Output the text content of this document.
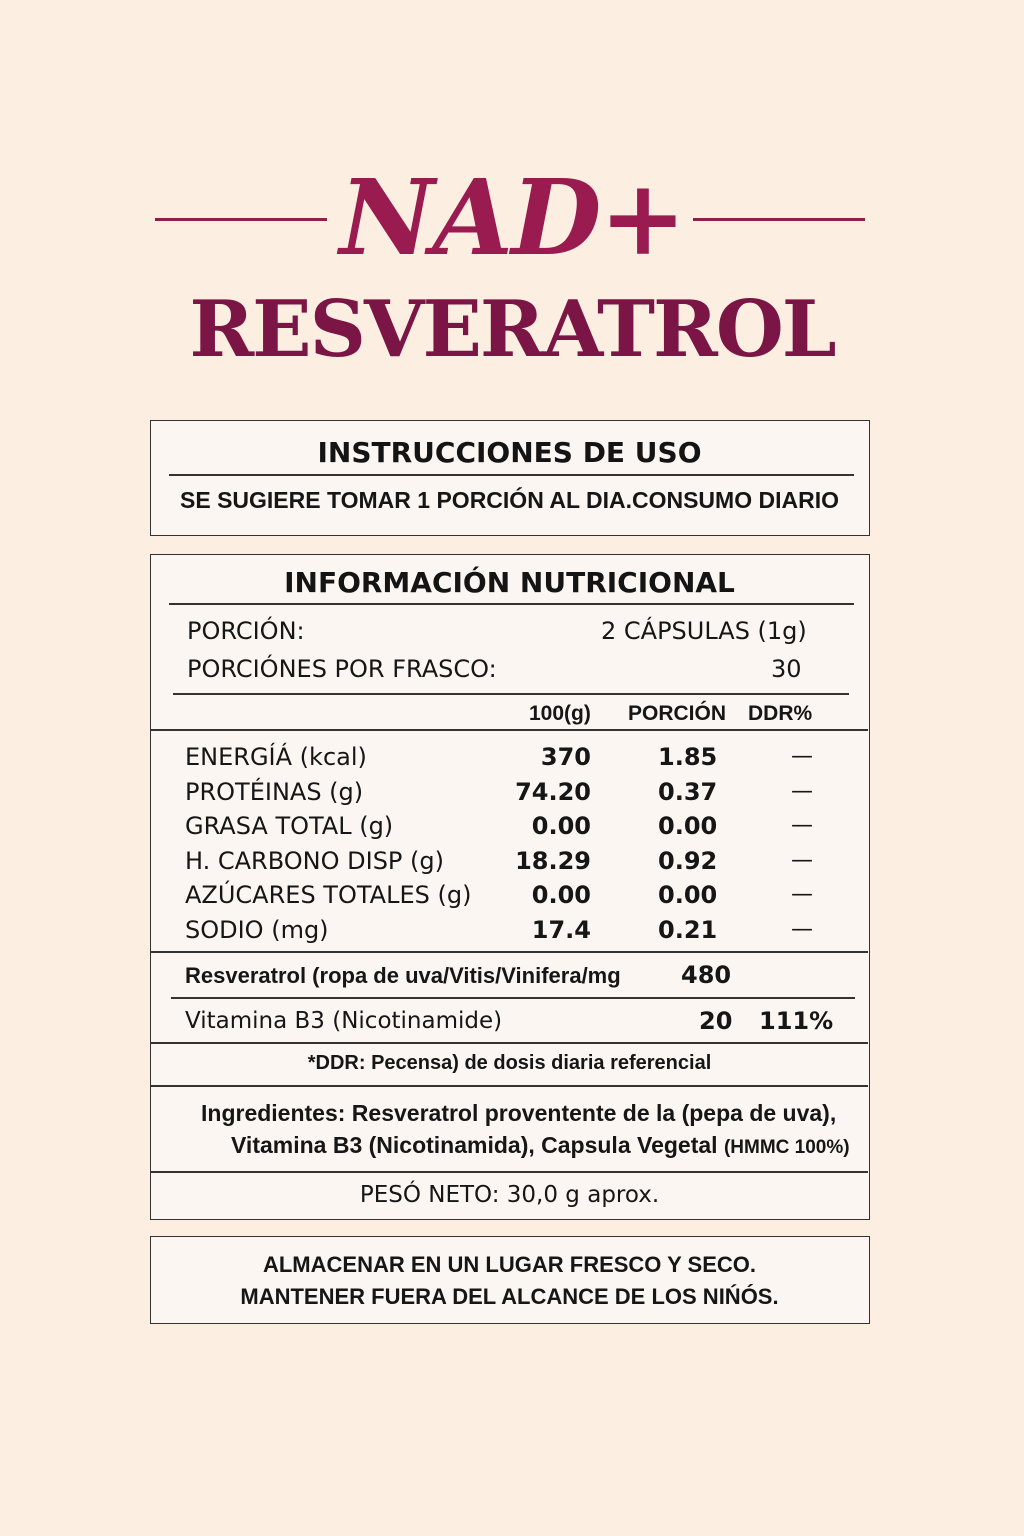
NAD+
RESVERATROL
INSTRUCCIONES DE USO
SE SUGIERE TOMAR 1 PORCIÓN AL DIA.CONSUMO DIARIO
INFORMACIÓN NUTRICIONAL
PORCIÓN:	2 CÁPSULAS (1g)
PORCIÓNES POR FRASCO:	30
100(g) PORCIÓN DDR%
ENERGÍÁ (kcal)	370	1.85	—
PROTÉINAS (g)	74.20	0.37	—
GRASA TOTAL (g)	0.00	0.00	—
H. CARBONO DISP (g)	18.29	0.92	—
AZÚCARES TOTALES (g)	0.00	0.00	—
SODIO (mg)	17.4	0.21	—
Resveratrol (ropa de uva/Vitis/Vinifera/mg	480
Vitamina B3 (Nicotinamide)	20 111%
*DDR: Pecensa) de dosis diaria referencial
Ingredientes: Resveratrol proventente de la (pepa de uva),
Vitamina B3 (Nicotinamida), Capsula Vegetal (HMMC 100%)
PESÓ NETO: 30,0 g aprox.
ALMACENAR EN UN LUGAR FRESCO Y SECO.
MANTENER FUERA DEL ALCANCE DE LOS NIŃÓS.
